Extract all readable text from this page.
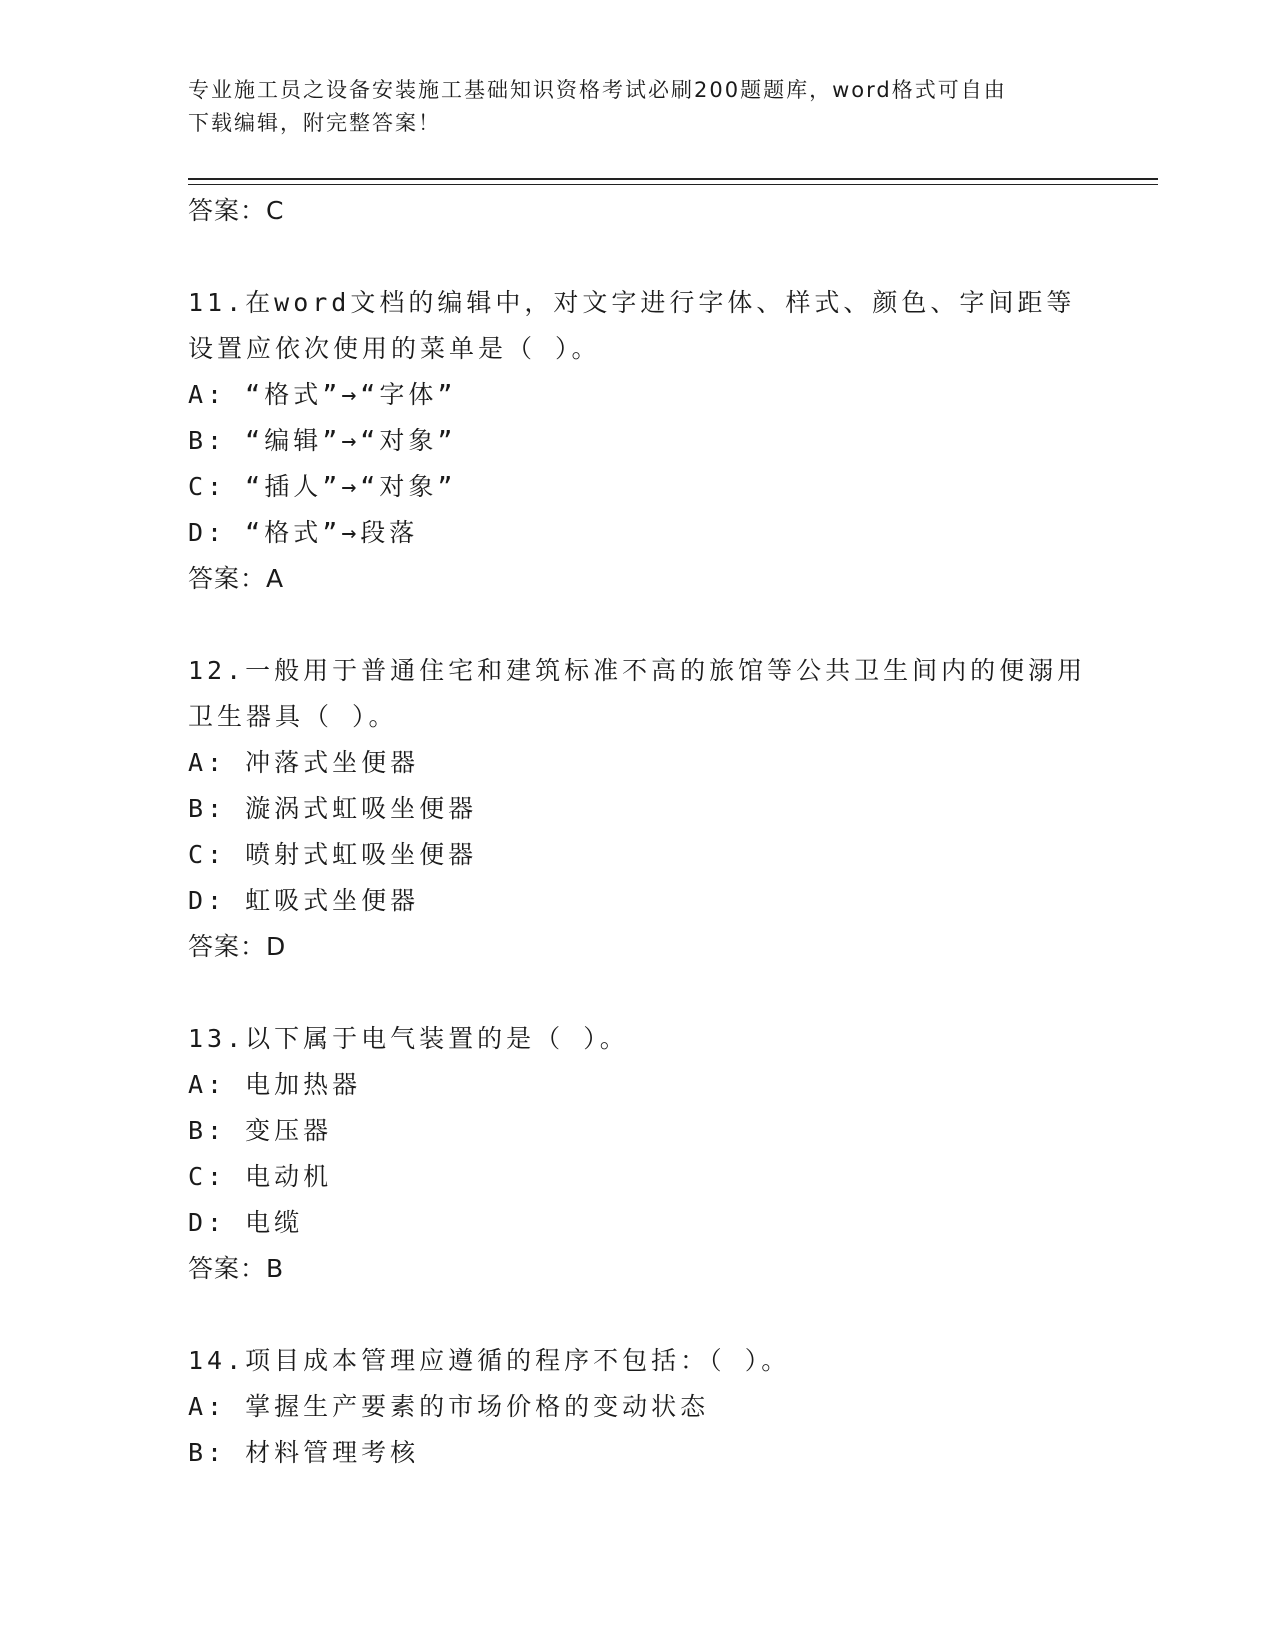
专业施工员之设备安装施工基础知识资格考试必刷200题题库，word格式可自由
下载编辑，附完整答案！
答案：C
11.在word文档的编辑中，对文字进行字体、样式、颜色、字间距等
设置应依次使用的菜单是（ ）。
A: “格式”→“字体”
B: “编辑”→“对象”
C: “插人”→“对象”
D: “格式”→段落
答案：A
12.一般用于普通住宅和建筑标准不高的旅馆等公共卫生间内的便溺用
卫生器具（ ）。
A: 冲落式坐便器
B: 漩涡式虹吸坐便器
C: 喷射式虹吸坐便器
D: 虹吸式坐便器
答案：D
13.以下属于电气装置的是（ ）。
A: 电加热器
B: 变压器
C: 电动机
D: 电缆
答案：B
14.项目成本管理应遵循的程序不包括：（ ）。
A: 掌握生产要素的市场价格的变动状态
B: 材料管理考核
